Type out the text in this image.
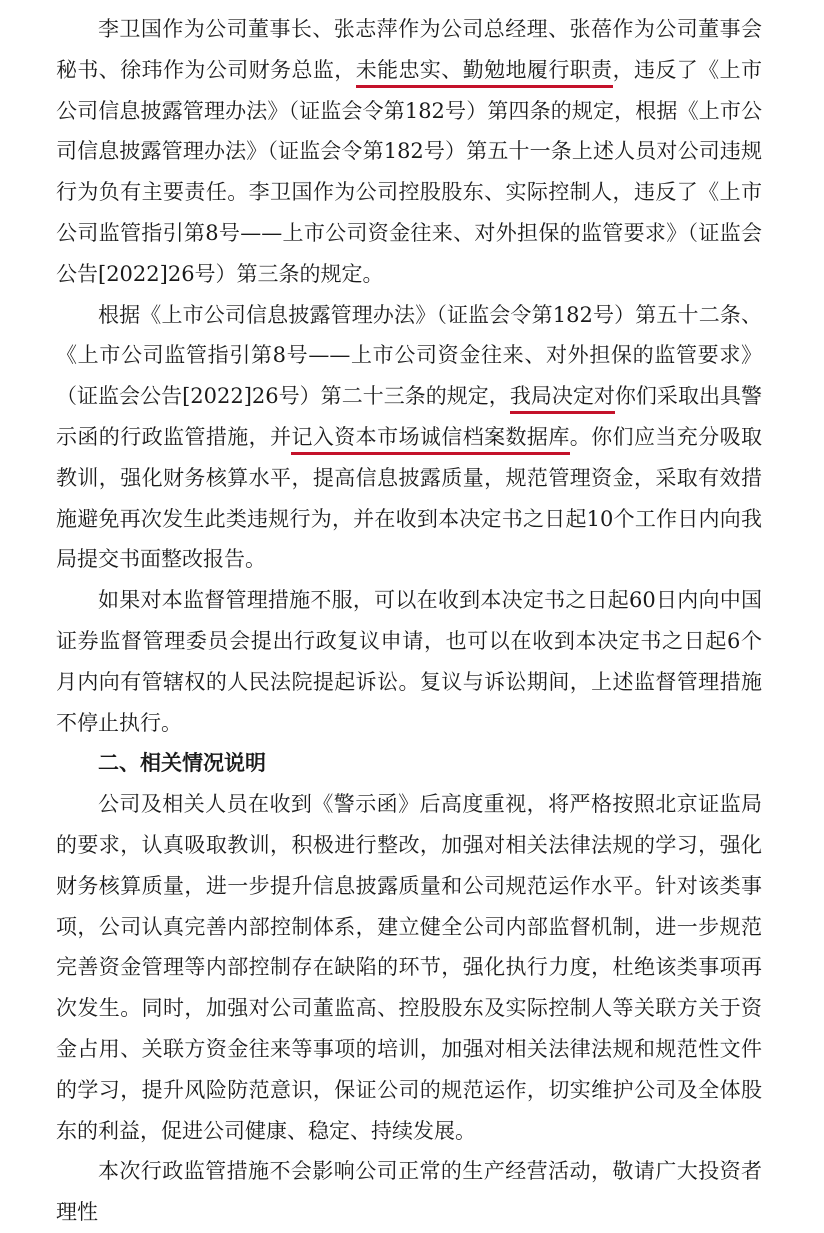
李卫国作为公司董事长、张志萍作为公司总经理、张蓓作为公司董事会秘书、徐玮作为公司财务总监，未能忠实、勤勉地履行职责，违反了《上市公司信息披露管理办法》（证监会令第182号）第四条的规定，根据《上市公司信息披露管理办法》（证监会令第182号）第五十一条上述人员对公司违规行为负有主要责任。李卫国作为公司控股股东、实际控制人，违反了《上市公司监管指引第8号——上市公司资金往来、对外担保的监管要求》（证监会公告[2022]26号）第三条的规定。

根据《上市公司信息披露管理办法》（证监会令第182号）第五十二条、《上市公司监管指引第8号——上市公司资金往来、对外担保的监管要求》（证监会公告[2022]26号）第二十三条的规定，我局决定对你们采取出具警示函的行政监管措施，并记入资本市场诚信档案数据库。你们应当充分吸取教训，强化财务核算水平，提高信息披露质量，规范管理资金，采取有效措施避免再次发生此类违规行为，并在收到本决定书之日起10个工作日内向我局提交书面整改报告。

如果对本监督管理措施不服，可以在收到本决定书之日起60日内向中国证券监督管理委员会提出行政复议申请，也可以在收到本决定书之日起6个月内向有管辖权的人民法院提起诉讼。复议与诉讼期间，上述监督管理措施不停止执行。

二、相关情况说明

公司及相关人员在收到《警示函》后高度重视，将严格按照北京证监局的要求，认真吸取教训，积极进行整改，加强对相关法律法规的学习，强化财务核算质量，进一步提升信息披露质量和公司规范运作水平。针对该类事项，公司认真完善内部控制体系，建立健全公司内部监督机制，进一步规范完善资金管理等内部控制存在缺陷的环节，强化执行力度，杜绝该类事项再次发生。同时，加强对公司董监高、控股股东及实际控制人等关联方关于资金占用、关联方资金往来等事项的培训，加强对相关法律法规和规范性文件的学习，提升风险防范意识，保证公司的规范运作，切实维护公司及全体股东的利益，促进公司健康、稳定、持续发展。

本次行政监管措施不会影响公司正常的生产经营活动，敬请广大投资者理性
